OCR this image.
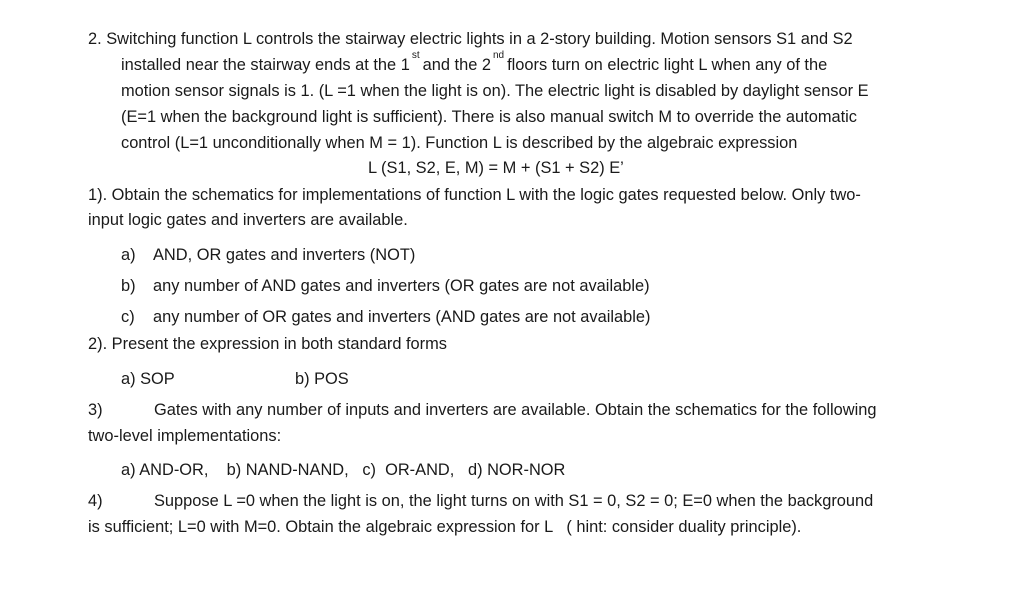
2. Switching function L controls the stairway electric lights in a 2-story building. Motion sensors S1 and S2
installed near the stairway ends at the 1stand the 2ndfloors turn on electric light L when any of the
motion sensor signals is 1. (L =1 when the light is on). The electric light is disabled by daylight sensor E
(E=1 when the background light is sufficient). There is also manual switch M to override the automatic
control (L=1 unconditionally when M = 1). Function L is described by the algebraic expression
L (S1, S2, E, M) = M + (S1 + S2) E’
1). Obtain the schematics for implementations of function L with the logic gates requested below. Only two-
input logic gates and inverters are available.
a) AND, OR gates and inverters (NOT)
b) any number of AND gates and inverters (OR gates are not available)
c) any number of OR gates and inverters (AND gates are not available)
2). Present the expression in both standard forms
a) SOP	b) POS
3)	Gates with any number of inputs and inverters are available. Obtain the schematics for the following
two-level implementations:
a) AND-OR,    b) NAND-NAND,   c)  OR-AND,   d) NOR-NOR
4)	Suppose L =0 when the light is on, the light turns on with S1 = 0, S2 = 0; E=0 when the background
is sufficient; L=0 with M=0. Obtain the algebraic expression for L   ( hint: consider duality principle).
